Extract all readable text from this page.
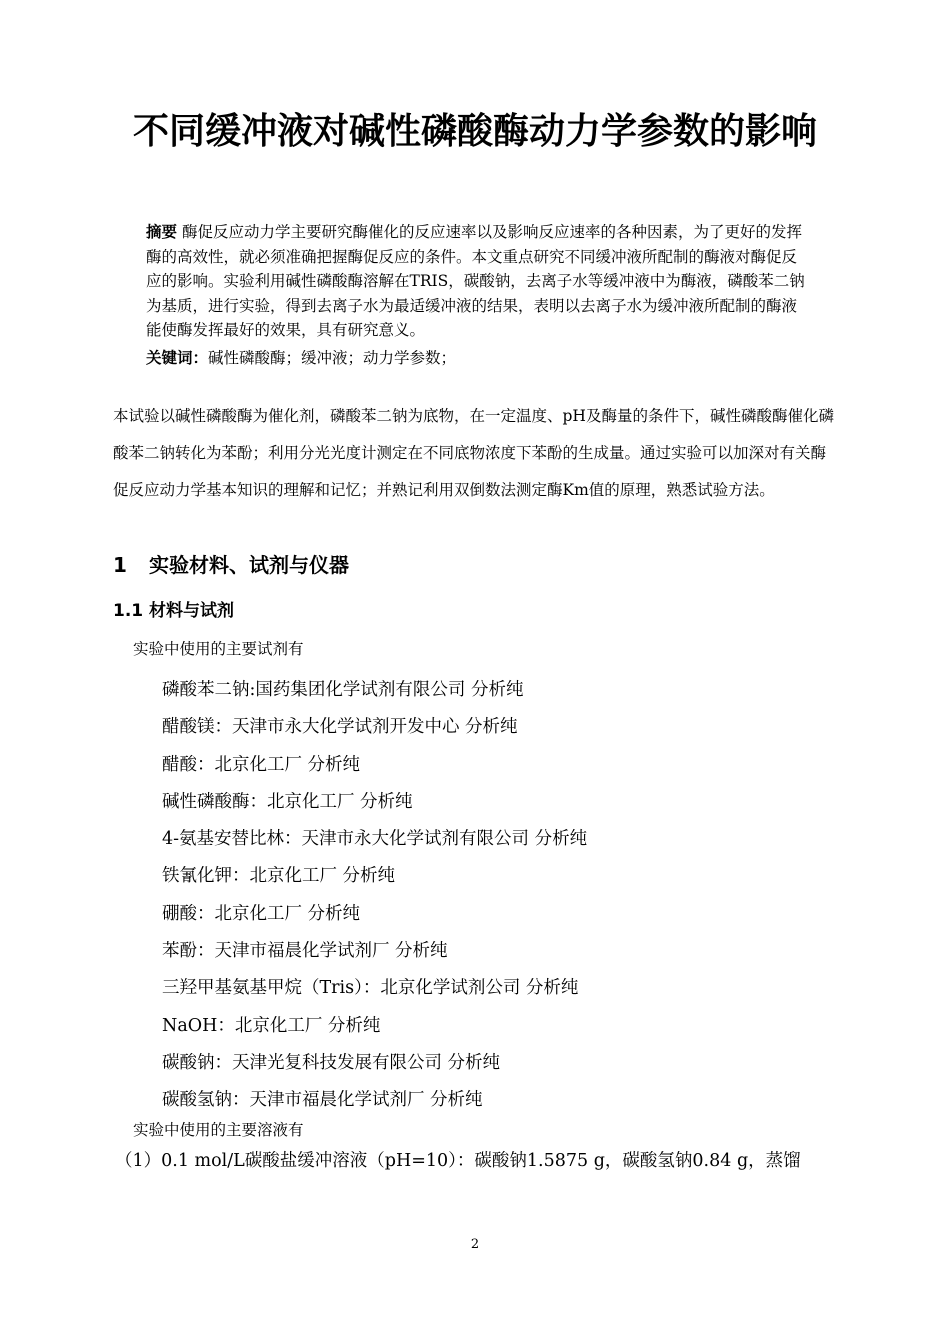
不同缓冲液对碱性磷酸酶动力学参数的影响

摘要 酶促反应动力学主要研究酶催化的反应速率以及影响反应速率的各种因素，为了更好的发挥酶的高效性，就必须准确把握酶促反应的条件。本文重点研究不同缓冲液所配制的酶液对酶促反应的影响。实验利用碱性磷酸酶溶解在TRIS，碳酸钠，去离子水等缓冲液中为酶液，磷酸苯二钠为基质，进行实验，得到去离子水为最适缓冲液的结果，表明以去离子水为缓冲液所配制的酶液能使酶发挥最好的效果，具有研究意义。

关键词：碱性磷酸酶；缓冲液；动力学参数；

本试验以碱性磷酸酶为催化剂，磷酸苯二钠为底物，在一定温度、pH及酶量的条件下，碱性磷酸酶催化磷酸苯二钠转化为苯酚；利用分光光度计测定在不同底物浓度下苯酚的生成量。通过实验可以加深对有关酶促反应动力学基本知识的理解和记忆；并熟记利用双倒数法测定酶Km值的原理，熟悉试验方法。

1 实验材料、试剂与仪器
1.1 材料与试剂

实验中使用的主要试剂有

磷酸苯二钠:国药集团化学试剂有限公司 分析纯
醋酸镁：天津市永大化学试剂开发中心 分析纯
醋酸：北京化工厂 分析纯
碱性磷酸酶：北京化工厂 分析纯
4-氨基安替比林：天津市永大化学试剂有限公司 分析纯
铁氰化钾：北京化工厂 分析纯
硼酸：北京化工厂 分析纯
苯酚：天津市福晨化学试剂厂 分析纯
三羟甲基氨基甲烷（Tris）：北京化学试剂公司 分析纯
NaOH：北京化工厂 分析纯
碳酸钠：天津光复科技发展有限公司 分析纯
碳酸氢钠：天津市福晨化学试剂厂 分析纯

实验中使用的主要溶液有

（1）0.1 mol/L碳酸盐缓冲溶液（pH=10）：碳酸钠1.5875 g，碳酸氢钠0.84 g，蒸馏

2
